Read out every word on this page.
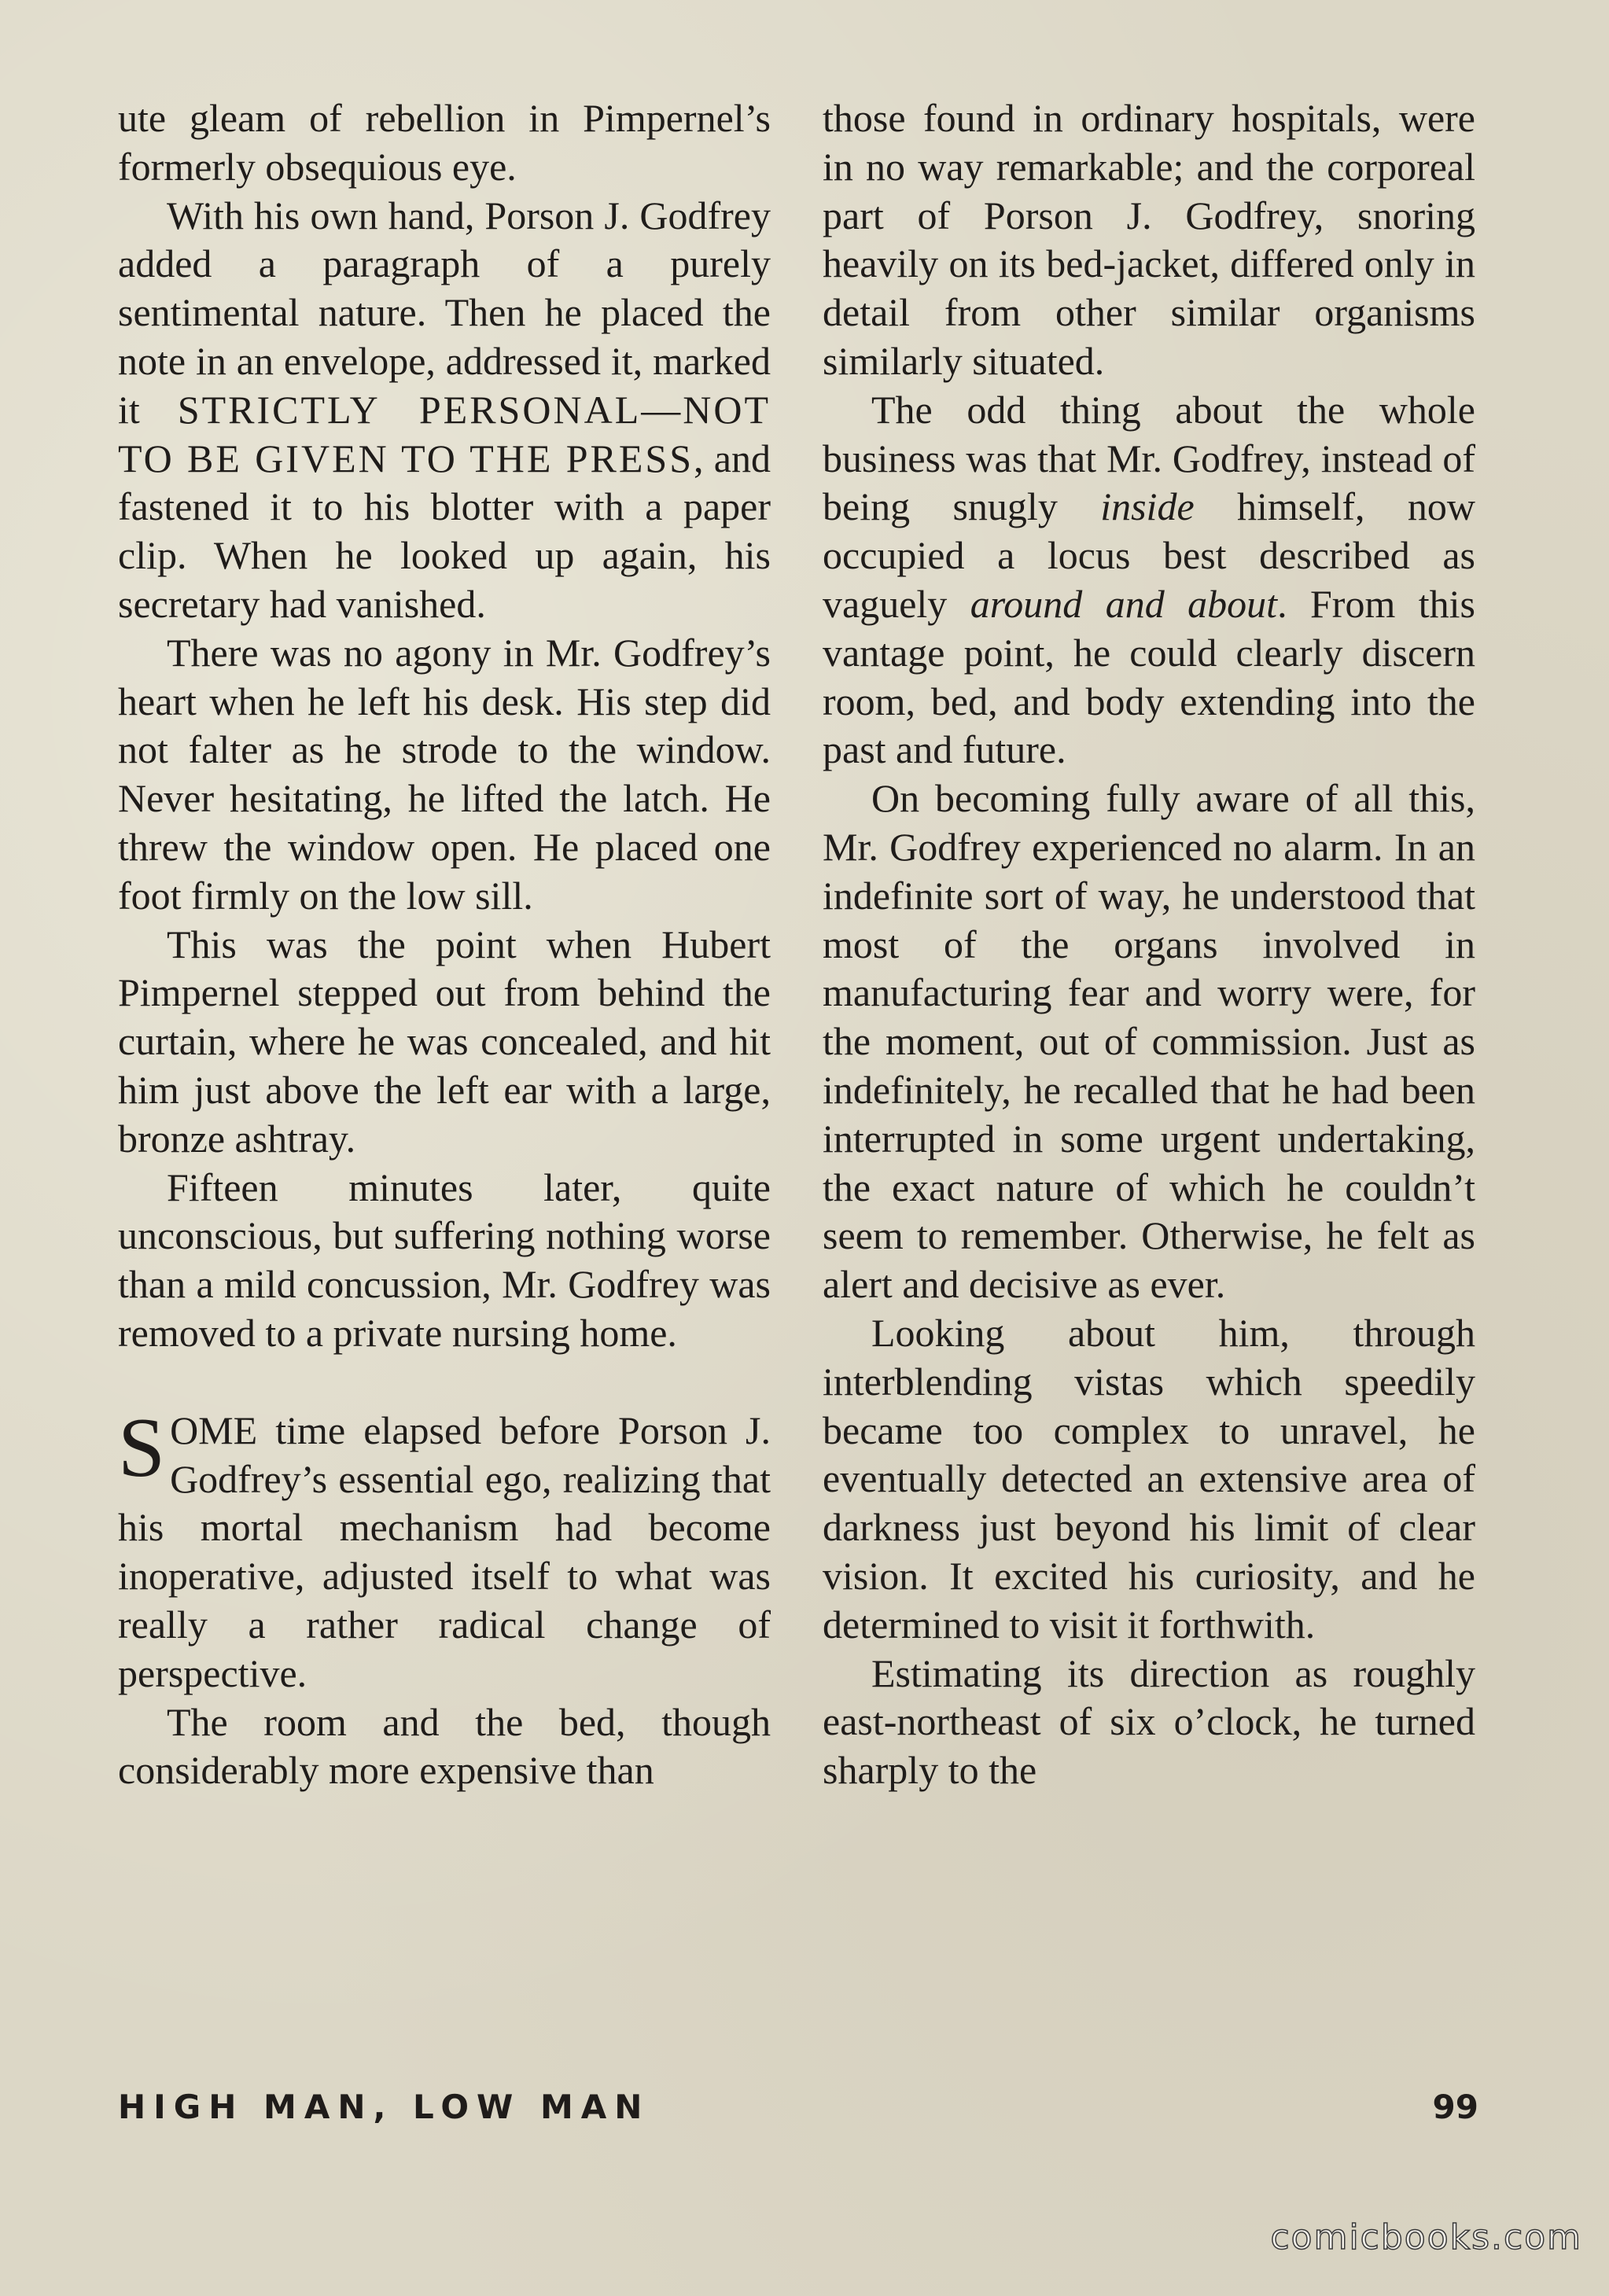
ute gleam of rebellion in Pimpernel’s formerly obsequious eye.

With his own hand, Porson J. Godfrey added a paragraph of a purely sentimental nature. Then he placed the note in an envelope, addressed it, marked it STRICTLY PERSONAL—NOT TO BE GIVEN TO THE PRESS, and fastened it to his blotter with a paper clip. When he looked up again, his secretary had vanished.

There was no agony in Mr. Godfrey’s heart when he left his desk. His step did not falter as he strode to the window. Never hesitating, he lifted the latch. He threw the window open. He placed one foot firmly on the low sill.

This was the point when Hubert Pimpernel stepped out from behind the curtain, where he was concealed, and hit him just above the left ear with a large, bronze ashtray.

Fifteen minutes later, quite unconscious, but suffering nothing worse than a mild concussion, Mr. Godfrey was removed to a private nursing home.

SOME time elapsed before Porson J. Godfrey’s essential ego, realizing that his mortal mechanism had become inoperative, adjusted itself to what was really a rather radical change of perspective.

The room and the bed, though considerably more expensive than

those found in ordinary hospitals, were in no way remarkable; and the corporeal part of Porson J. Godfrey, snoring heavily on its bed-jacket, differed only in detail from other similar organisms similarly situated.

The odd thing about the whole business was that Mr. Godfrey, instead of being snugly inside himself, now occupied a locus best described as vaguely around and about. From this vantage point, he could clearly discern room, bed, and body extending into the past and future.

On becoming fully aware of all this, Mr. Godfrey experienced no alarm. In an indefinite sort of way, he understood that most of the organs involved in manufacturing fear and worry were, for the moment, out of commission. Just as indefinitely, he recalled that he had been interrupted in some urgent undertaking, the exact nature of which he couldn’t seem to remember. Otherwise, he felt as alert and decisive as ever.

Looking about him, through interblending vistas which speedily became too complex to unravel, he eventually detected an extensive area of darkness just beyond his limit of clear vision. It excited his curiosity, and he determined to visit it forthwith.

Estimating its direction as roughly east-northeast of six o’clock, he turned sharply to the

HIGH MAN, LOW MAN	99
comicbooks.com
